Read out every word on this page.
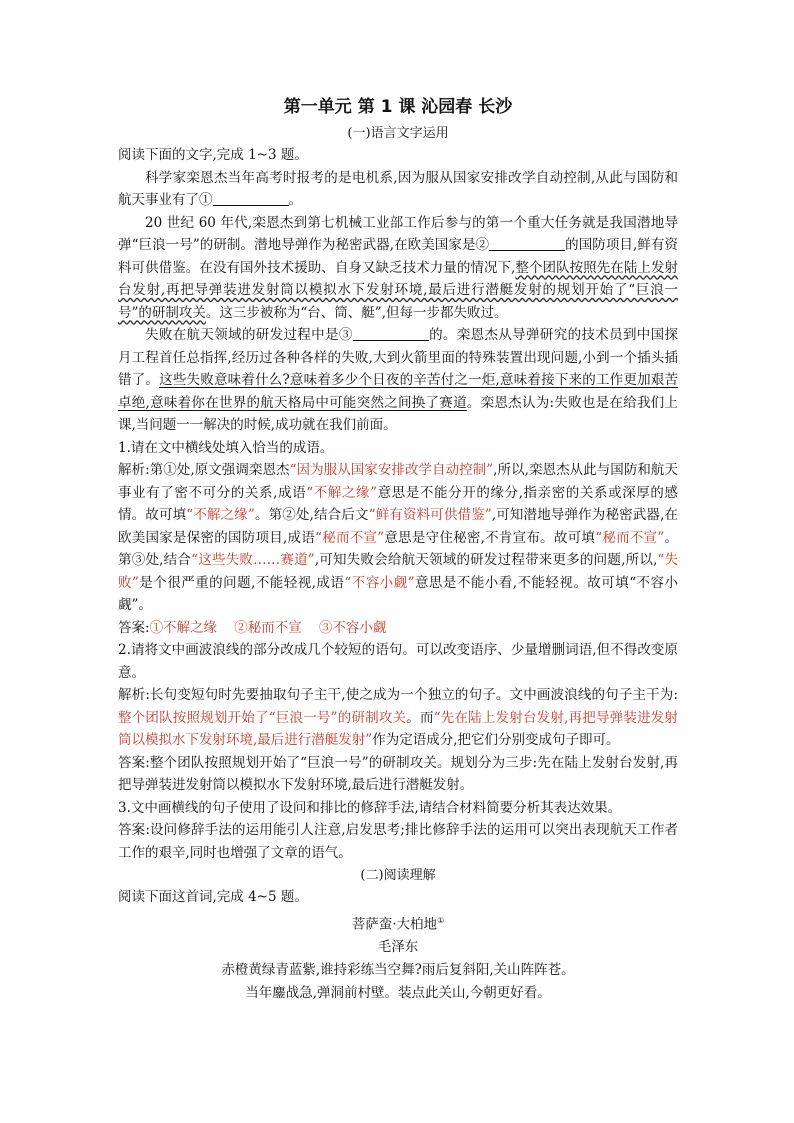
第一单元 第 1 课 沁园春 长沙
(一)语言文字运用

阅读下面的文字,完成 1~3 题。

科学家栾恩杰当年高考时报考的是电机系,因为服从国家安排改学自动控制,从此与国防和航天事业有了①	。

20 世纪 60 年代,栾恩杰到第七机械工业部工作后参与的第一个重大任务就是我国潜地导弹“巨浪一号”的研制。潜地导弹作为秘密武器,在欧美国家是②	的国防项目,鲜有资料可供借鉴。在没有国外技术援助、自身又缺乏技术力量的情况下,整个团队按照先在陆上发射台发射,再把导弹装进发射筒以模拟水下发射环境,最后进行潜艇发射的规划开始了“巨浪一号”的研制攻关。这三步被称为“台、筒、艇”,但每一步都失败过。

失败在航天领域的研发过程中是③	的。栾恩杰从导弹研究的技术员到中国探月工程首任总指挥,经历过各种各样的失败,大到火箭里面的特殊装置出现问题,小到一个插头插错了。这些失败意味着什么?意味着多少个日夜的辛苦付之一炬,意味着接下来的工作更加艰苦卓绝,意味着你在世界的航天格局中可能突然之间换了赛道。栾恩杰认为:失败也是在给我们上课,当问题一一解决的时候,成功就在我们前面。

1.请在文中横线处填入恰当的成语。

解析:第①处,原文强调栾恩杰“因为服从国家安排改学自动控制”,所以,栾恩杰从此与国防和航天事业有了密不可分的关系,成语“不解之缘”意思是不能分开的缘分,指亲密的关系或深厚的感情。故可填“不解之缘”。第②处,结合后文“鲜有资料可供借鉴”,可知潜地导弹作为秘密武器,在欧美国家是保密的国防项目,成语“秘而不宣”意思是守住秘密,不肯宣布。故可填“秘而不宣”。第③处,结合“这些失败……赛道”,可知失败会给航天领域的研发过程带来更多的问题,所以,“失败”是个很严重的问题,不能轻视,成语“不容小觑”意思是不能小看,不能轻视。故可填“不容小觑”。

答案:①不解之缘    ②秘而不宣    ③不容小觑

2.请将文中画波浪线的部分改成几个较短的语句。可以改变语序、少量增删词语,但不得改变原意。

解析:长句变短句时先要抽取句子主干,使之成为一个独立的句子。文中画波浪线的句子主干为:整个团队按照规划开始了“巨浪一号”的研制攻关。而“先在陆上发射台发射,再把导弹装进发射筒以模拟水下发射环境,最后进行潜艇发射”作为定语成分,把它们分别变成句子即可。

答案:整个团队按照规划开始了“巨浪一号”的研制攻关。规划分为三步:先在陆上发射台发射,再把导弹装进发射筒以模拟水下发射环境,最后进行潜艇发射。

3.文中画横线的句子使用了设问和排比的修辞手法,请结合材料简要分析其表达效果。

答案:设问修辞手法的运用能引人注意,启发思考;排比修辞手法的运用可以突出表现航天工作者工作的艰辛,同时也增强了文章的语气。

(二)阅读理解

阅读下面这首词,完成 4~5 题。

菩萨蛮·大柏地①
毛泽东
赤橙黄绿青蓝紫,谁持彩练当空舞?雨后复斜阳,关山阵阵苍。
当年鏖战急,弹洞前村壁。装点此关山,今朝更好看。
